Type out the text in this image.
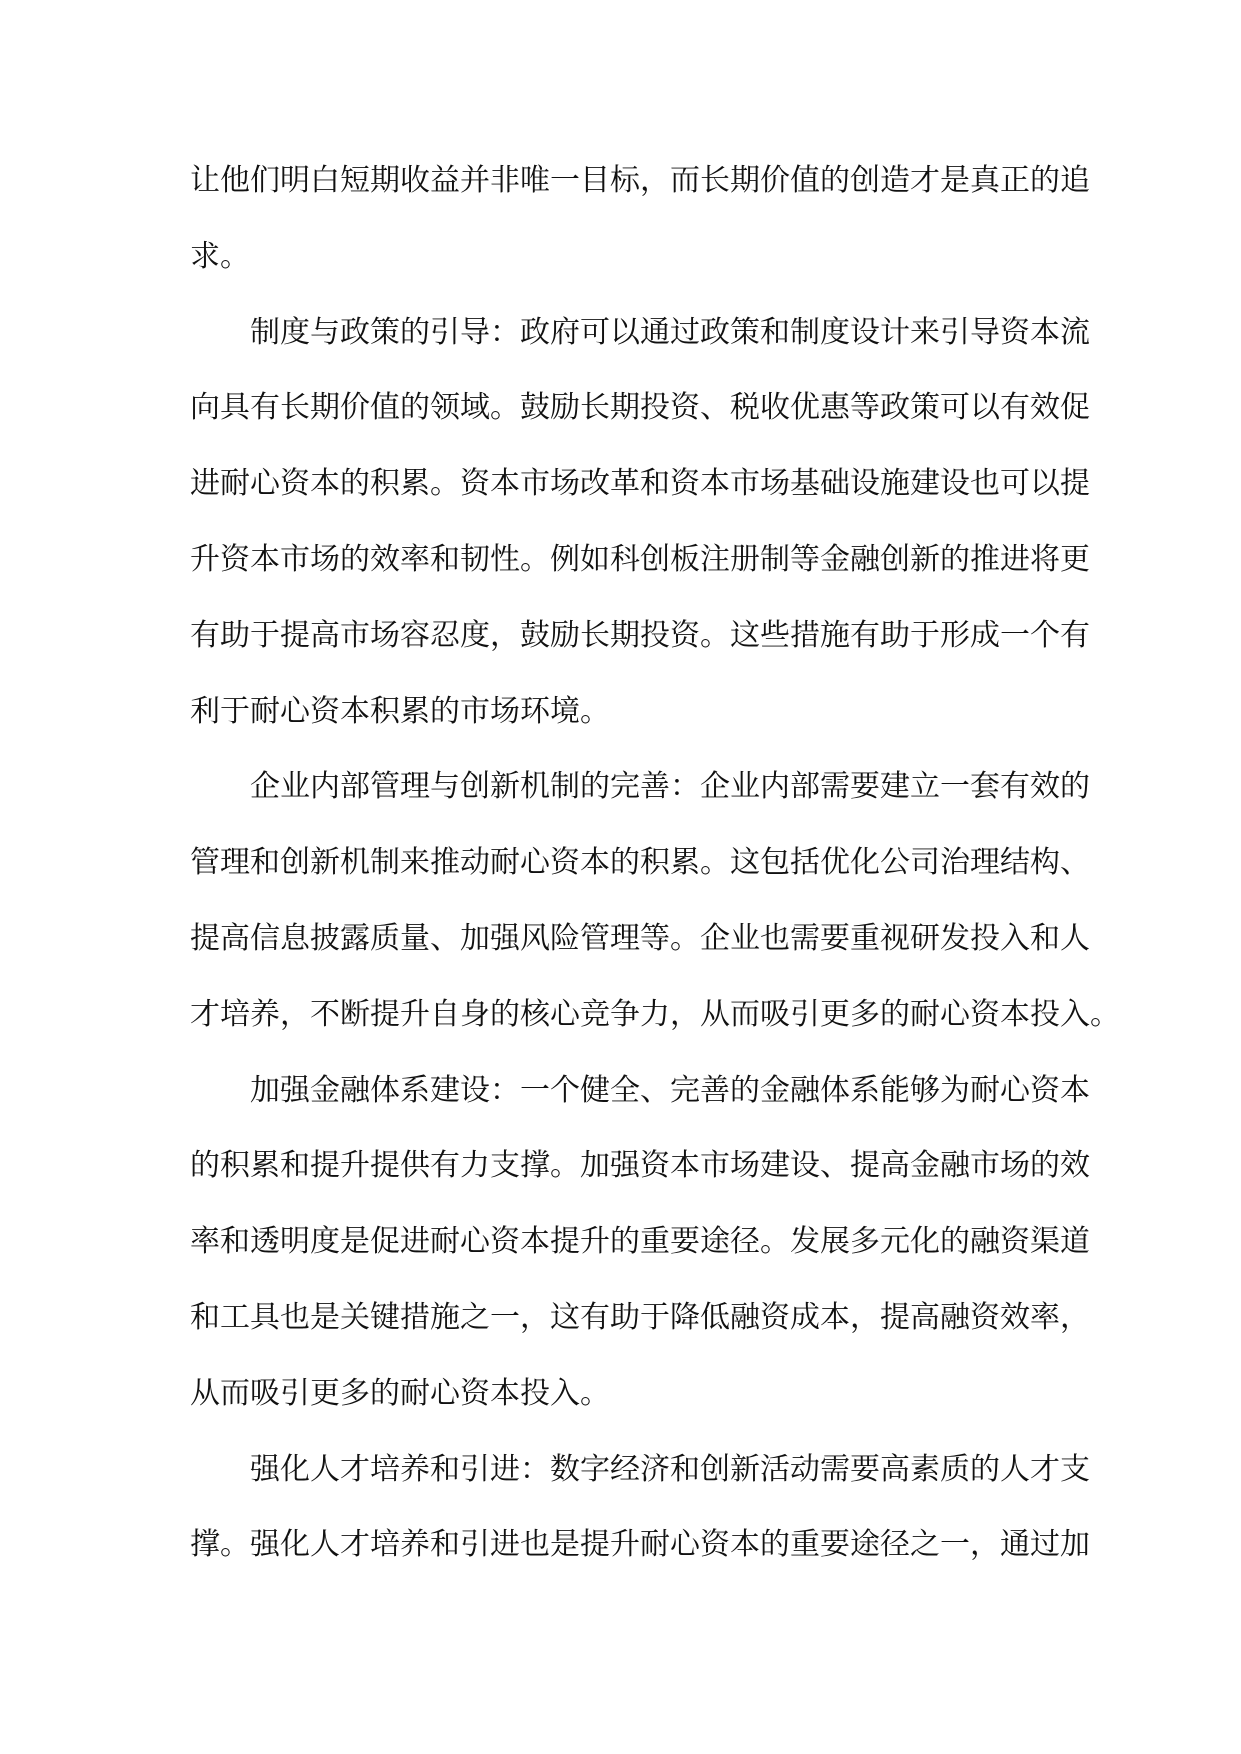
让他们明白短期收益并非唯一目标，而长期价值的创造才是真正的追
求。
制度与政策的引导：政府可以通过政策和制度设计来引导资本流
向具有长期价值的领域。鼓励长期投资、税收优惠等政策可以有效促
进耐心资本的积累。资本市场改革和资本市场基础设施建设也可以提
升资本市场的效率和韧性。例如科创板注册制等金融创新的推进将更
有助于提高市场容忍度，鼓励长期投资。这些措施有助于形成一个有
利于耐心资本积累的市场环境。
企业内部管理与创新机制的完善：企业内部需要建立一套有效的
管理和创新机制来推动耐心资本的积累。这包括优化公司治理结构、
提高信息披露质量、加强风险管理等。企业也需要重视研发投入和人
才培养，不断提升自身的核心竞争力，从而吸引更多的耐心资本投入。
加强金融体系建设：一个健全、完善的金融体系能够为耐心资本
的积累和提升提供有力支撑。加强资本市场建设、提高金融市场的效
率和透明度是促进耐心资本提升的重要途径。发展多元化的融资渠道
和工具也是关键措施之一，这有助于降低融资成本，提高融资效率，
从而吸引更多的耐心资本投入。
强化人才培养和引进：数字经济和创新活动需要高素质的人才支
撑。强化人才培养和引进也是提升耐心资本的重要途径之一，通过加
